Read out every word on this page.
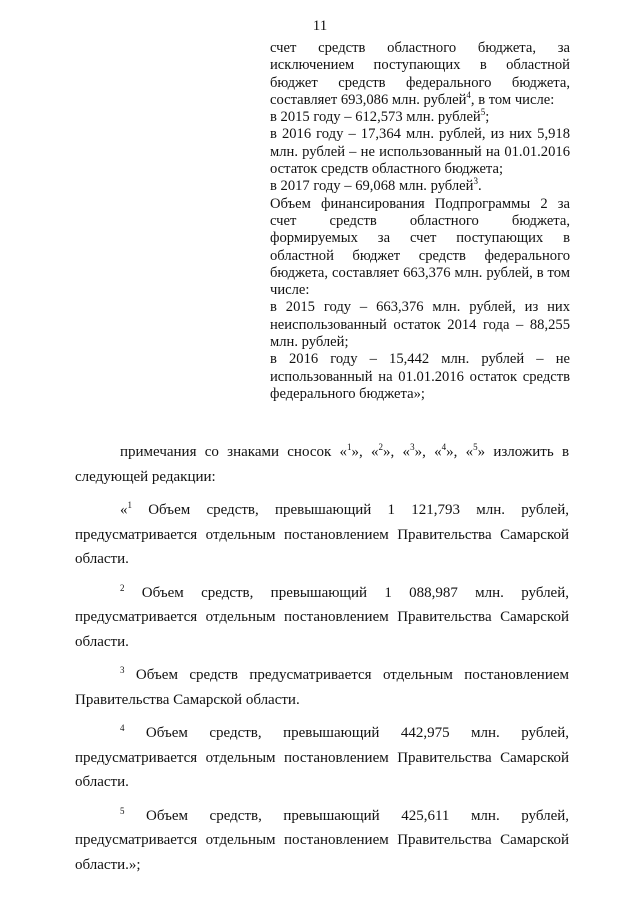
11

счет средств областного бюджета, за исключением поступающих в областной бюджет средств федерального бюджета, составляет 693,086 млн. рублей$^4$, в том числе:

в 2015 году – 612,573 млн. рублей$^5$;

в 2016 году – 17,364 млн. рублей, из них 5,918 млн. рублей – не использованный на 01.01.2016 остаток средств областного бюджета;

в 2017 году – 69,068 млн. рублей$^3$.

Объем финансирования Подпрограммы 2 за счет средств областного бюджета, формируемых за счет поступающих в областной бюджет средств федерального бюджета, составляет 663,376 млн. рублей, в том числе:

в 2015 году – 663,376 млн. рублей, из них неиспользованный остаток 2014 года – 88,255 млн. рублей;

в 2016 году – 15,442 млн. рублей – не использованный на 01.01.2016 остаток средств федерального бюджета»;

примечания со знаками сносок «$^1$», «$^2$», «$^3$», «$^4$», «$^5$» изложить в следующей редакции:

«$^1$ Объем средств, превышающий 1 121,793 млн. рублей, предусматривается отдельным постановлением Правительства Самарской области.

$^2$ Объем средств, превышающий 1 088,987 млн. рублей, предусматривается отдельным постановлением Правительства Самарской области.

$^3$ Объем средств предусматривается отдельным постановлением Правительства Самарской области.

$^4$ Объем средств, превышающий 442,975 млн. рублей, предусматривается отдельным постановлением Правительства Самарской области.

$^5$ Объем средств, превышающий 425,611 млн. рублей, предусматривается отдельным постановлением Правительства Самарской области.»;
